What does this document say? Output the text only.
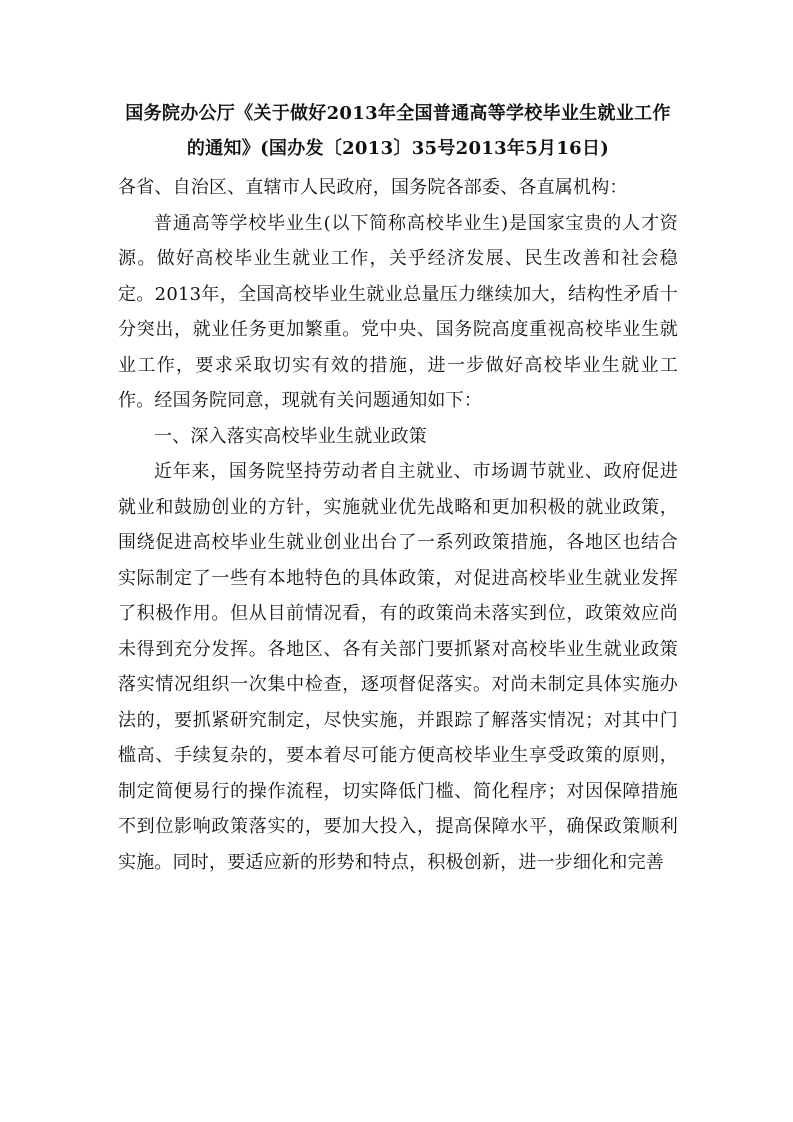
国务院办公厅《关于做好2013年全国普通高等学校毕业生就业工作
的通知》(国办发〔2013〕35号2013年5月16日)

各省、自治区、直辖市人民政府，国务院各部委、各直属机构：

普通高等学校毕业生(以下简称高校毕业生)是国家宝贵的人才资源。做好高校毕业生就业工作，关乎经济发展、民生改善和社会稳定。2013年，全国高校毕业生就业总量压力继续加大，结构性矛盾十分突出，就业任务更加繁重。党中央、国务院高度重视高校毕业生就业工作，要求采取切实有效的措施，进一步做好高校毕业生就业工作。经国务院同意，现就有关问题通知如下：

一、深入落实高校毕业生就业政策

近年来，国务院坚持劳动者自主就业、市场调节就业、政府促进就业和鼓励创业的方针，实施就业优先战略和更加积极的就业政策，围绕促进高校毕业生就业创业出台了一系列政策措施，各地区也结合实际制定了一些有本地特色的具体政策，对促进高校毕业生就业发挥了积极作用。但从目前情况看，有的政策尚未落实到位，政策效应尚未得到充分发挥。各地区、各有关部门要抓紧对高校毕业生就业政策落实情况组织一次集中检查，逐项督促落实。对尚未制定具体实施办法的，要抓紧研究制定，尽快实施，并跟踪了解落实情况；对其中门槛高、手续复杂的，要本着尽可能方便高校毕业生享受政策的原则，制定简便易行的操作流程，切实降低门槛、简化程序；对因保障措施不到位影响政策落实的，要加大投入，提高保障水平，确保政策顺利实施。同时，要适应新的形势和特点，积极创新，进一步细化和完善
